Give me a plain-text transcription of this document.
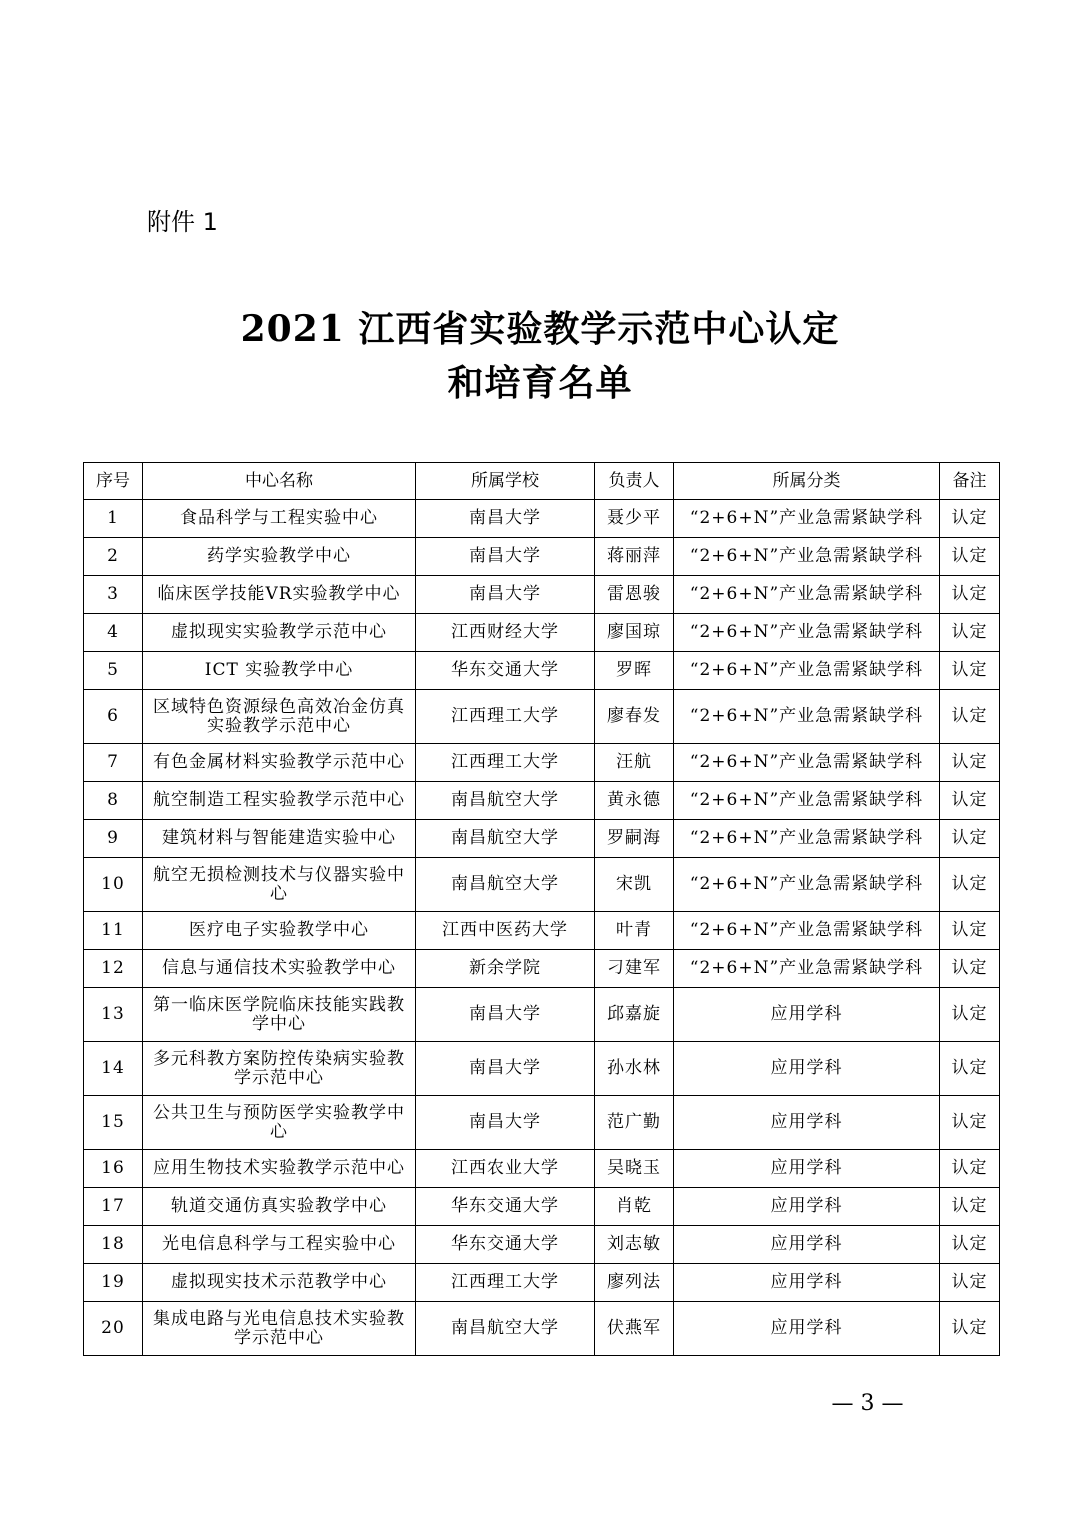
附件 1
2021 江西省实验教学示范中心认定
和培育名单
序号	中心名称	所属学校	负责人	所属分类	备注
1	食品科学与工程实验中心	南昌大学	聂少平	“2+6+N”产业急需紧缺学科	认定
2	药学实验教学中心	南昌大学	蒋丽萍	“2+6+N”产业急需紧缺学科	认定
3	临床医学技能VR实验教学中心	南昌大学	雷恩骏	“2+6+N”产业急需紧缺学科	认定
4	虚拟现实实验教学示范中心	江西财经大学	廖国琼	“2+6+N”产业急需紧缺学科	认定
5	ICT 实验教学中心	华东交通大学	罗晖	“2+6+N”产业急需紧缺学科	认定
6	区域特色资源绿色高效冶金仿真实验教学示范中心	江西理工大学	廖春发	“2+6+N”产业急需紧缺学科	认定
7	有色金属材料实验教学示范中心	江西理工大学	汪航	“2+6+N”产业急需紧缺学科	认定
8	航空制造工程实验教学示范中心	南昌航空大学	黄永德	“2+6+N”产业急需紧缺学科	认定
9	建筑材料与智能建造实验中心	南昌航空大学	罗嗣海	“2+6+N”产业急需紧缺学科	认定
10	航空无损检测技术与仪器实验中心	南昌航空大学	宋凯	“2+6+N”产业急需紧缺学科	认定
11	医疗电子实验教学中心	江西中医药大学	叶青	“2+6+N”产业急需紧缺学科	认定
12	信息与通信技术实验教学中心	新余学院	刁建军	“2+6+N”产业急需紧缺学科	认定
13	第一临床医学院临床技能实践教学中心	南昌大学	邱嘉旋	应用学科	认定
14	多元科教方案防控传染病实验教学示范中心	南昌大学	孙水林	应用学科	认定
15	公共卫生与预防医学实验教学中心	南昌大学	范广勤	应用学科	认定
16	应用生物技术实验教学示范中心	江西农业大学	吴晓玉	应用学科	认定
17	轨道交通仿真实验教学中心	华东交通大学	肖乾	应用学科	认定
18	光电信息科学与工程实验中心	华东交通大学	刘志敏	应用学科	认定
19	虚拟现实技术示范教学中心	江西理工大学	廖列法	应用学科	认定
20	集成电路与光电信息技术实验教学示范中心	南昌航空大学	伏燕军	应用学科	认定
— 3 —
